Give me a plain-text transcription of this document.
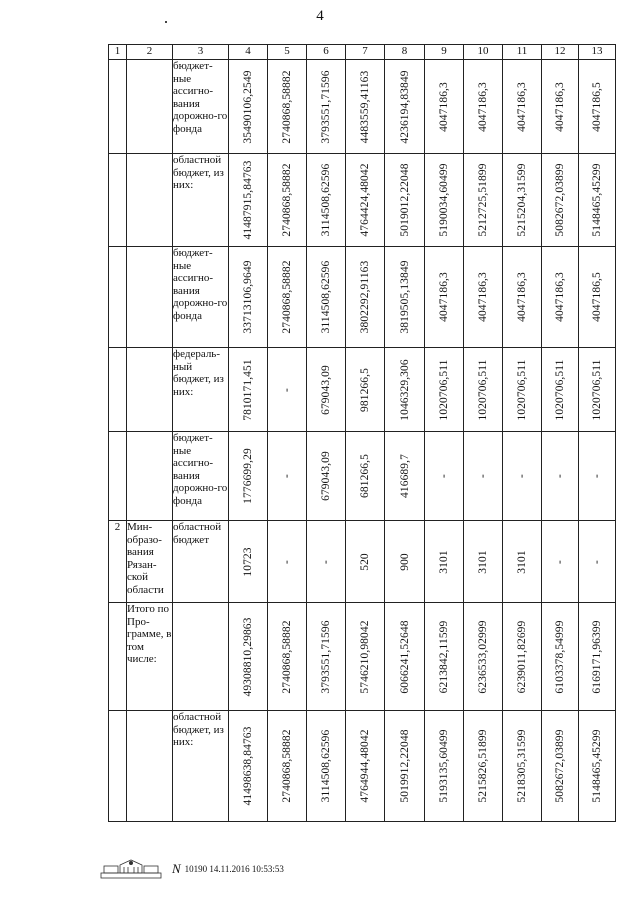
4
1	2	3	4	5	6	7	8	9	10	11	12	13
		бюджет-ные ассигно-вания дорожно-го фонда	35490106,2549	2740868,58882	3793551,71596	4483559,41163	4236194,83849	4047186,3	4047186,3	4047186,3	4047186,3	4047186,5

		областной бюджет, из них:	41487915,84763	2740868,58882	3114508,62596	4764424,48042	5019012,22048	5190034,60499	5212725,51899	5215204,31599	5082672,03899	5148465,45299

		бюджет-ные ассигно-вания дорожно-го фонда	33713106,9649	2740868,58882	3114508,62596	3802292,91163	3819505,13849	4047186,3	4047186,3	4047186,3	4047186,3	4047186,5

		федераль-ный бюджет, из них:	7810171,451	-	679043,09	981266,5	1046329,306	1020706,511	1020706,511	1020706,511	1020706,511	1020706,511

		бюджет-ные ассигно-вания дорожно-го фонда	1776699,29	-	679043,09	681266,5	416689,7	-	-	-	-	-

2	Мин-образо-вания Рязан-ской области	областной бюджет	10723	-	-	520	900	3101	3101	3101	-	-

	Итого по Про-грамме, в том числе:		49308810,29863	2740868,58882	3793551,71596	5746210,98042	6066241,52648	6213842,11599	6236533,02999	6239011,82699	6103378,54999	6169171,96399

		областной бюджет, из них:	41498638,84763	2740868,58882	3114508,62596	4764944,48042	5019912,22048	5193135,60499	5215826,51899	5218305,31599	5082672,03899	5148465,45299
N 10190 14.11.2016 10:53:53
